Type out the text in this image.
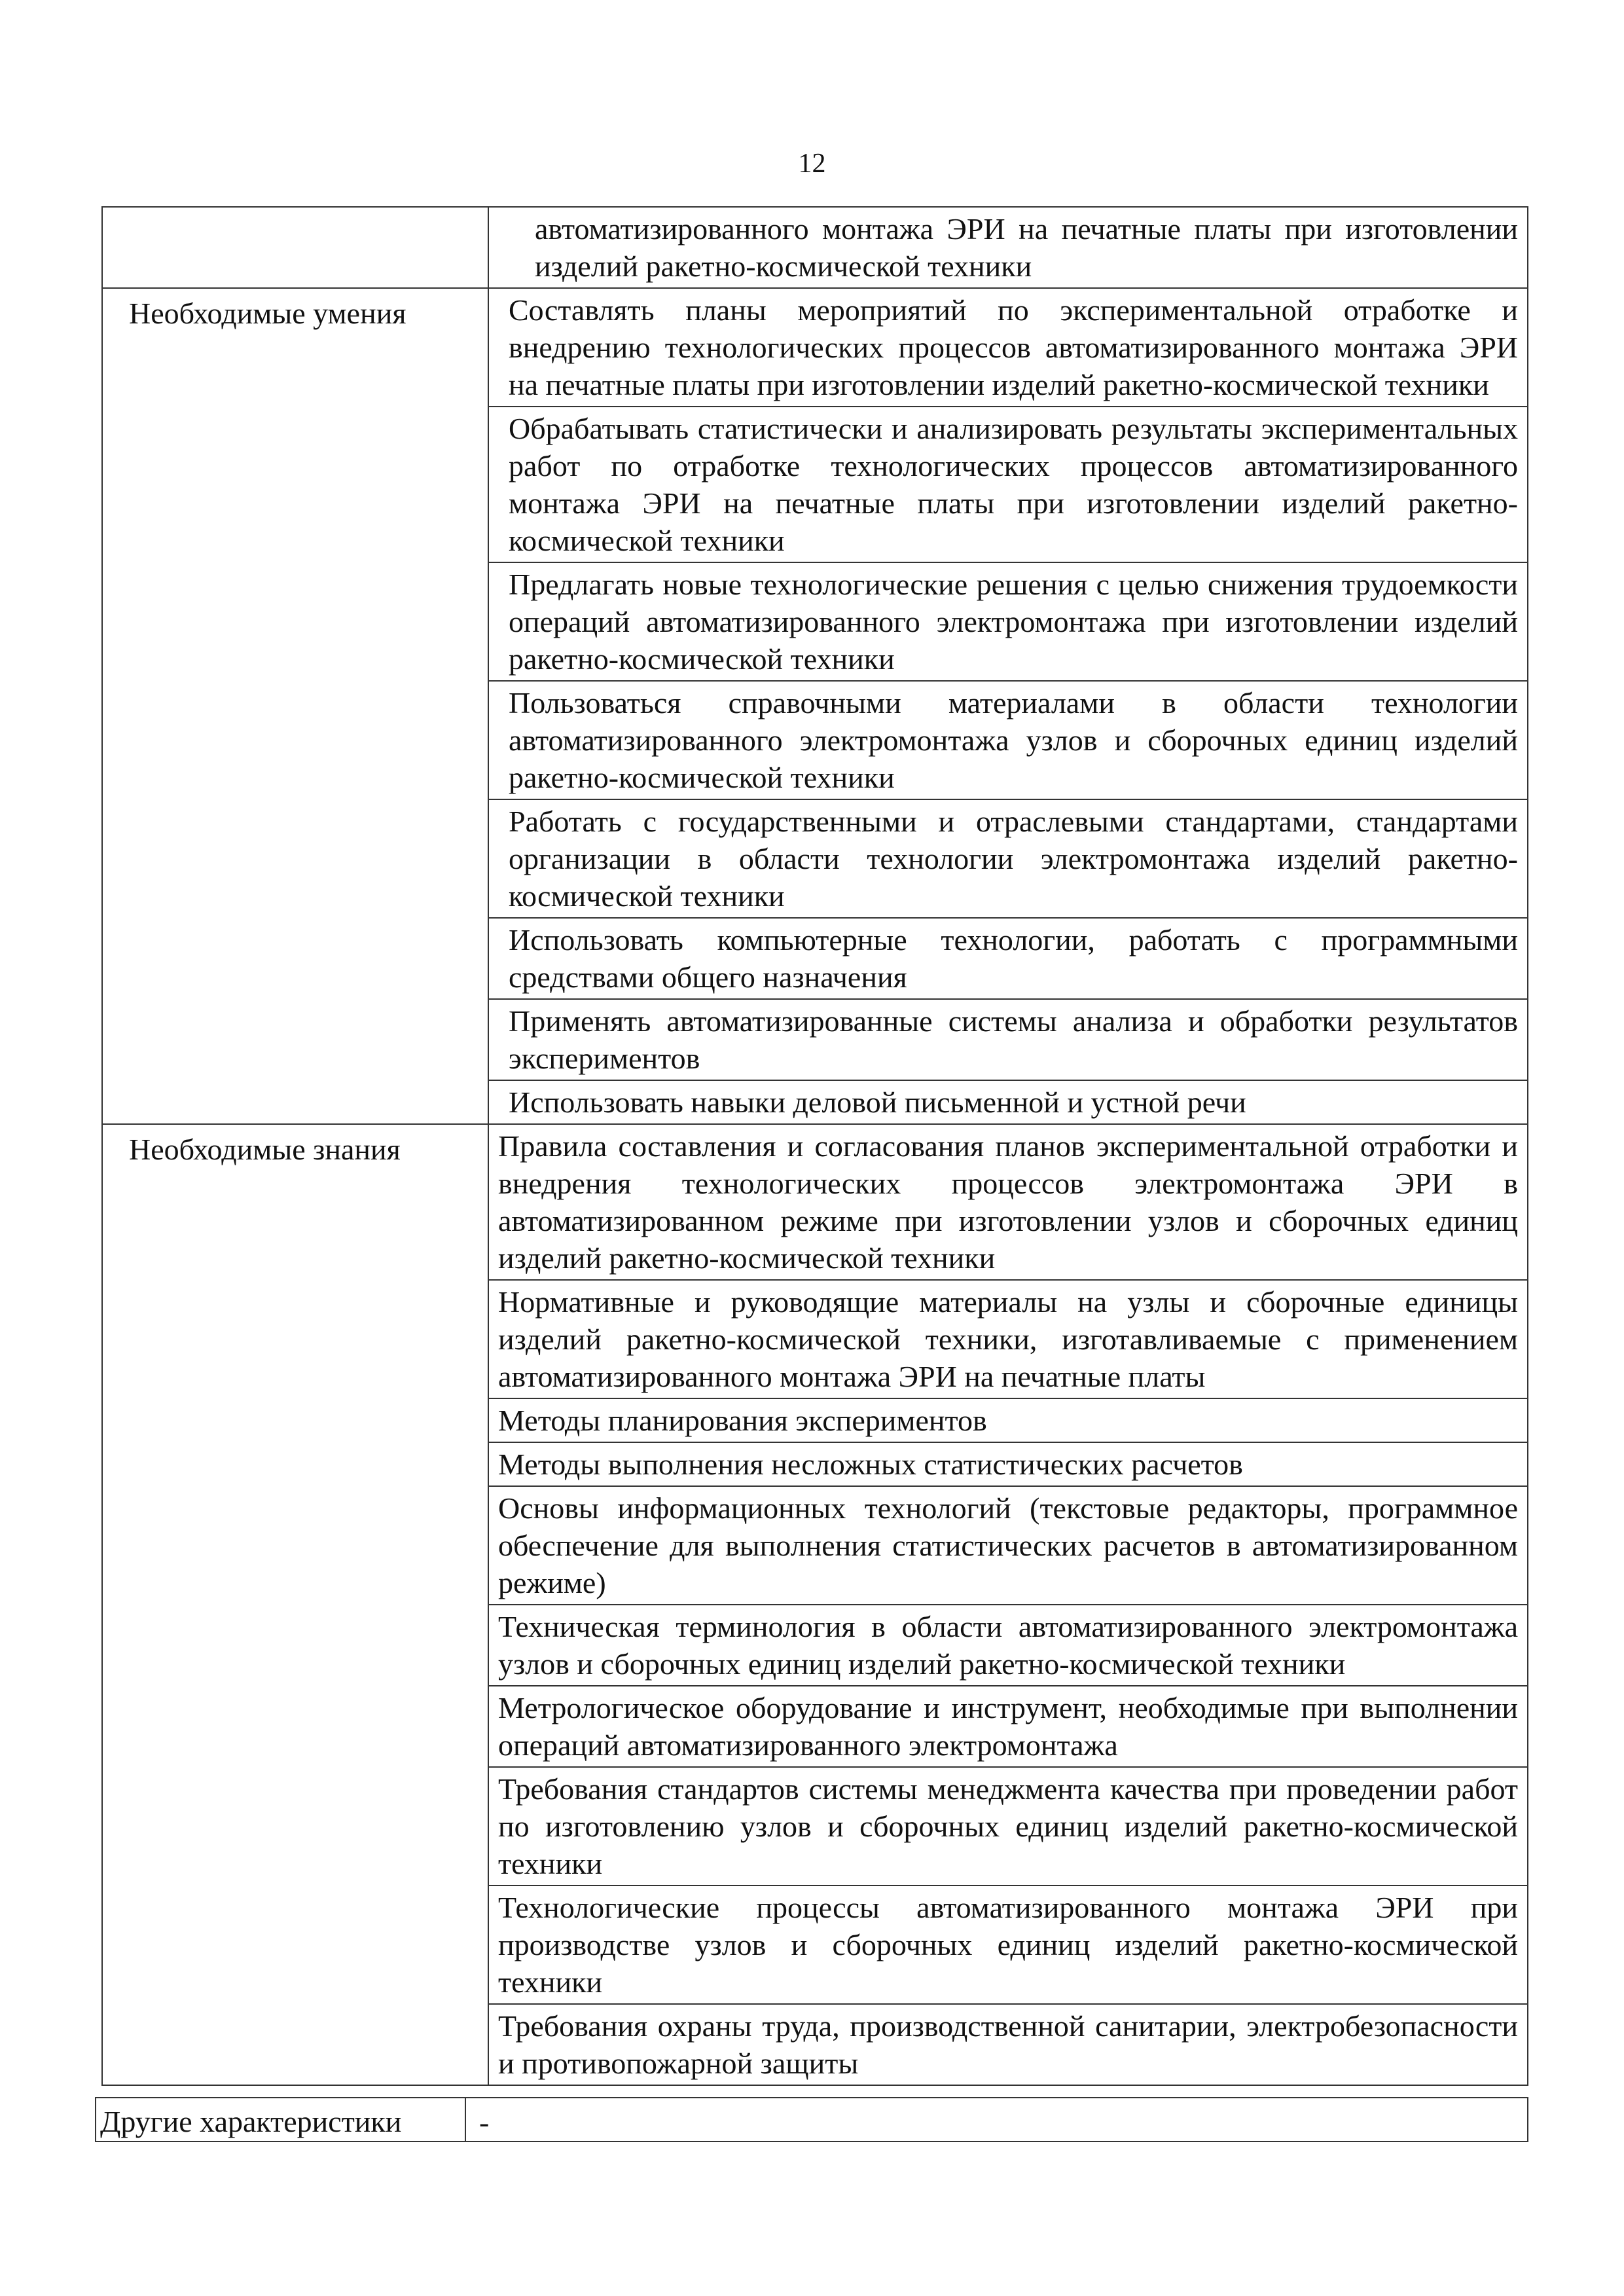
12
	автоматизированного монтажа ЭРИ на печатные платы при изготовлении изделий ракетно-космической техники
Необходимые умения	Составлять планы мероприятий по экспериментальной отработке и внедрению технологических процессов автоматизированного монтажа ЭРИ на печатные платы при изготовлении изделий ракетно-космической техники
	Обрабатывать статистически и анализировать результаты экспериментальных работ по отработке технологических процессов автоматизированного монтажа ЭРИ на печатные платы при изготовлении изделий ракетно-космической техники
	Предлагать новые технологические решения с целью снижения трудоемкости операций автоматизированного электромонтажа при изготовлении изделий ракетно-космической техники
	Пользоваться справочными материалами в области технологии автоматизированного электромонтажа узлов и сборочных единиц изделий ракетно-космической техники
	Работать с государственными и отраслевыми стандартами, стандартами организации в области технологии электромонтажа изделий ракетно-космической техники
	Использовать компьютерные технологии, работать с программными средствами общего назначения
	Применять автоматизированные системы анализа и обработки результатов экспериментов
	Использовать навыки деловой письменной и устной речи
Необходимые знания	Правила составления и согласования планов экспериментальной отработки и внедрения технологических процессов электромонтажа ЭРИ в автоматизированном режиме при изготовлении узлов и сборочных единиц изделий ракетно-космической техники
	Нормативные и руководящие материалы на узлы и сборочные единицы изделий ракетно-космической техники, изготавливаемые с применением автоматизированного монтажа ЭРИ на печатные платы
	Методы планирования экспериментов
	Методы выполнения несложных статистических расчетов
	Основы информационных технологий (текстовые редакторы, программное обеспечение для выполнения статистических расчетов в автоматизированном режиме)
	Техническая терминология в области автоматизированного электромонтажа узлов и сборочных единиц изделий ракетно-космической техники
	Метрологическое оборудование и инструмент, необходимые при выполнении операций автоматизированного электромонтажа
	Требования стандартов системы менеджмента качества при проведении работ по изготовлению узлов и сборочных единиц изделий ракетно-космической техники
	Технологические процессы автоматизированного монтажа ЭРИ при производстве узлов и сборочных единиц изделий ракетно-космической техники
	Требования охраны труда, производственной санитарии, электробезопасности и противопожарной защиты
Другие характеристики	-
